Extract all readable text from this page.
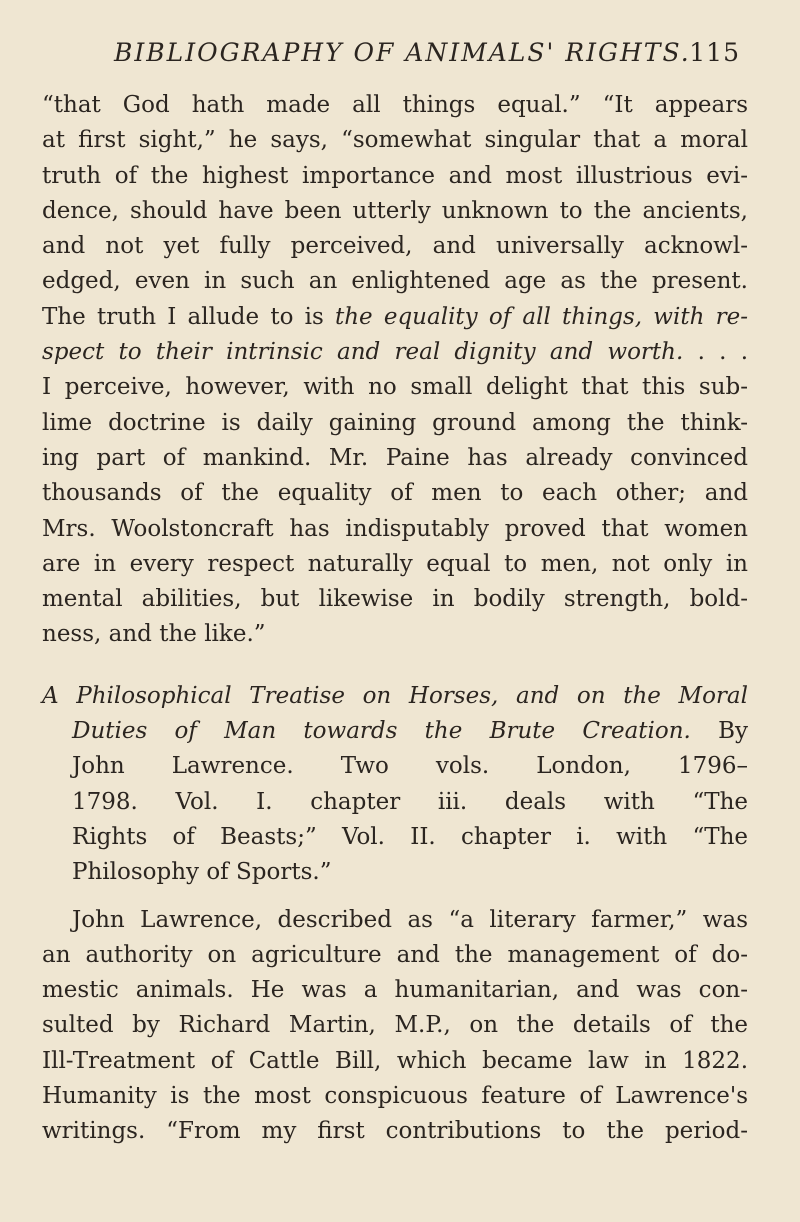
BIBLIOGRAPHY OF ANIMALS' RIGHTS.
115
“that God hath made all things equal.” “It appears
at first sight,” he says, “somewhat singular that a moral
truth of the highest importance and most illustrious evi-
dence, should have been utterly unknown to the ancients,
and not yet fully perceived, and universally acknowl-
edged, even in such an enlightened age as the present.
The truth I allude to is the equality of all things, with re-
spect to their intrinsic and real dignity and worth. . . .
I perceive, however, with no small delight that this sub-
lime doctrine is daily gaining ground among the think-
ing part of mankind. Mr. Paine has already convinced
thousands of the equality of men to each other; and
Mrs. Woolstoncraft has indisputably proved that women
are in every respect naturally equal to men, not only in
mental abilities, but likewise in bodily strength, bold-
ness, and the like.”
A Philosophical Treatise on Horses, and on the Moral
Duties of Man towards the Brute Creation. By
John Lawrence. Two vols. London, 1796–
1798. Vol. I. chapter iii. deals with “The
Rights of Beasts;” Vol. II. chapter i. with “The
Philosophy of Sports.”
John Lawrence, described as “a literary farmer,” was
an authority on agriculture and the management of do-
mestic animals. He was a humanitarian, and was con-
sulted by Richard Martin, M.P., on the details of the
Ill-Treatment of Cattle Bill, which became law in 1822.
Humanity is the most conspicuous feature of Lawrence's
writings. “From my first contributions to the period-
